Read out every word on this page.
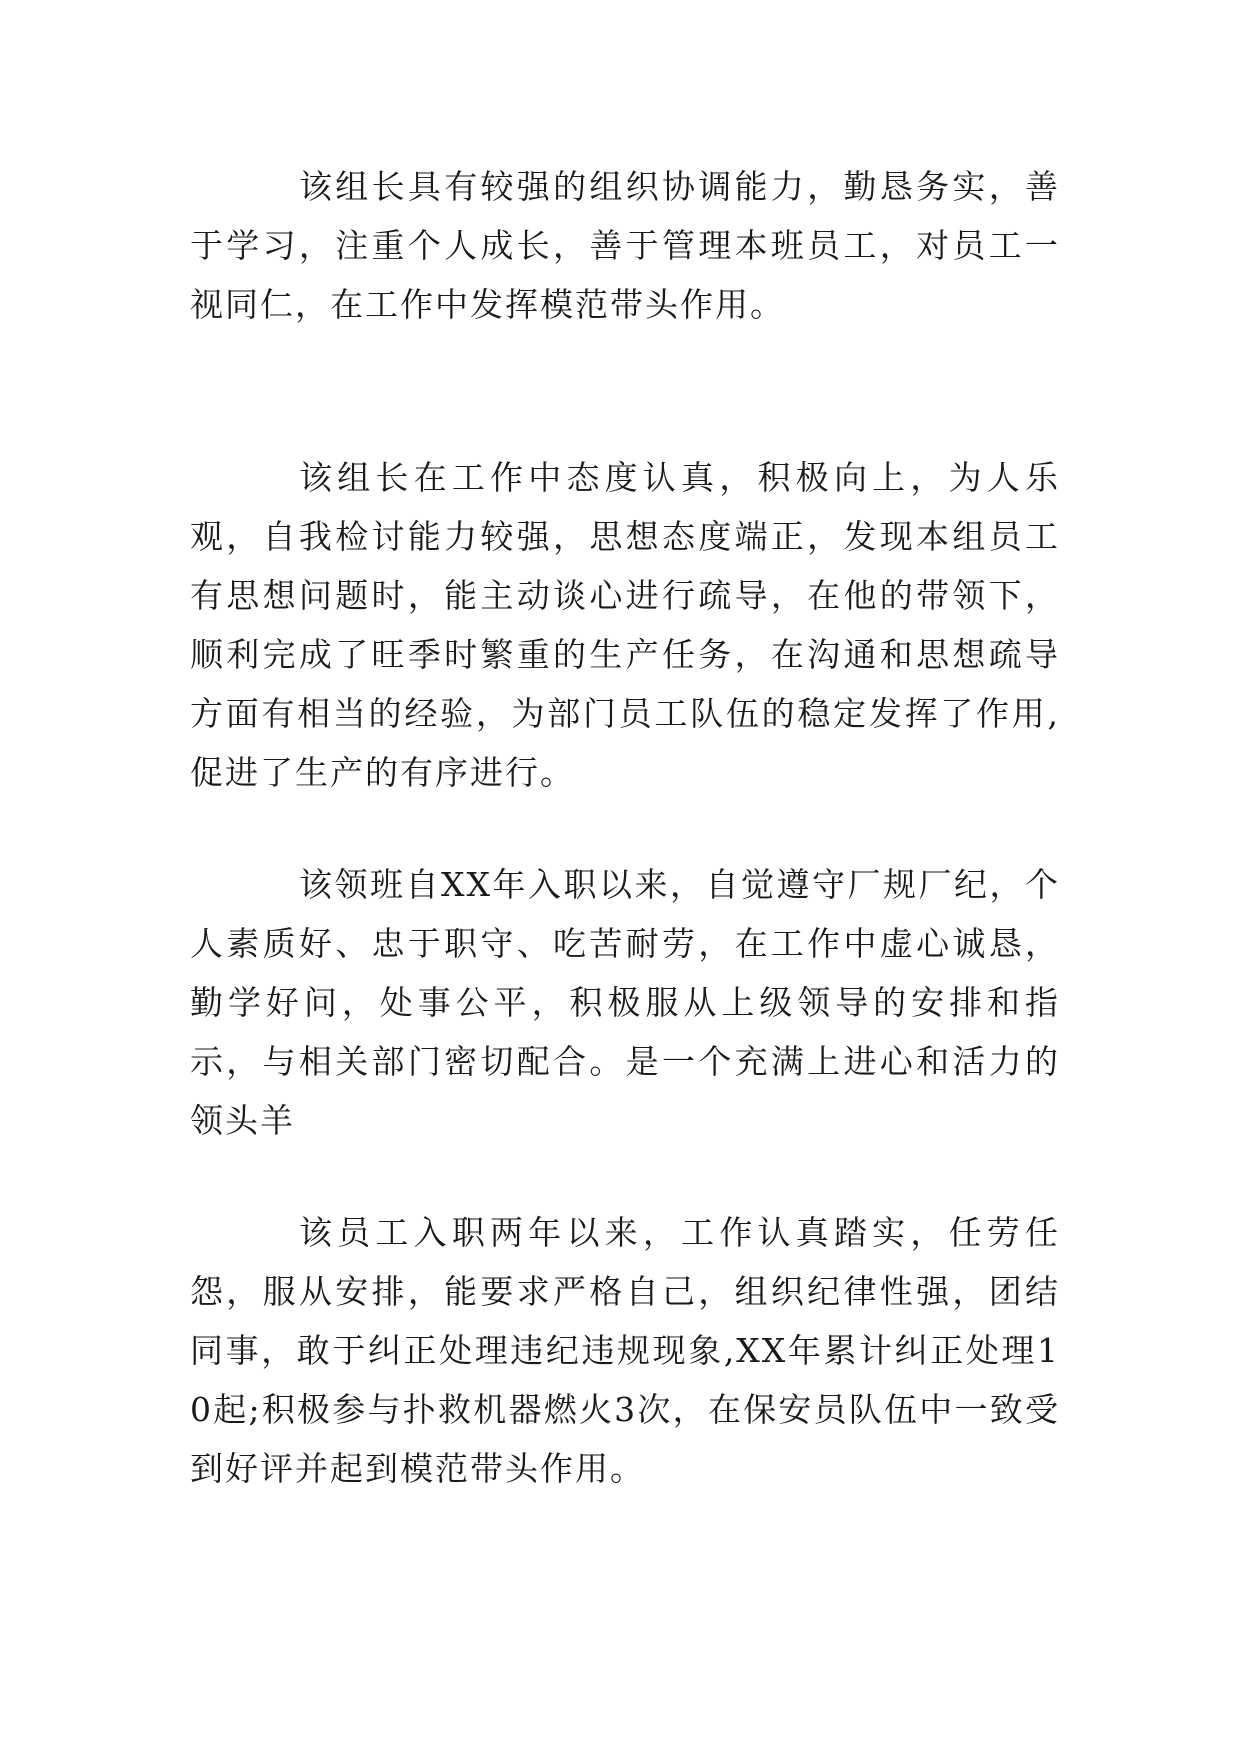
该组长具有较强的组织协调能力，勤恳务实，善于学习，注重个人成长，善于管理本班员工，对员工一视同仁，在工作中发挥模范带头作用。

该组长在工作中态度认真，积极向上，为人乐观，自我检讨能力较强，思想态度端正，发现本组员工有思想问题时，能主动谈心进行疏导，在他的带领下，顺利完成了旺季时繁重的生产任务，在沟通和思想疏导方面有相当的经验，为部门员工队伍的稳定发挥了作用,促进了生产的有序进行。

该领班自XX年入职以来，自觉遵守厂规厂纪，个人素质好、忠于职守、吃苦耐劳，在工作中虚心诚恳，勤学好问，处事公平，积极服从上级领导的安排和指示，与相关部门密切配合。是一个充满上进心和活力的领头羊

该员工入职两年以来，工作认真踏实，任劳任怨，服从安排，能要求严格自己，组织纪律性强，团结同事，敢于纠正处理违纪违规现象,XX年累计纠正处理10起;积极参与扑救机器燃火3次，在保安员队伍中一致受到好评并起到模范带头作用。
